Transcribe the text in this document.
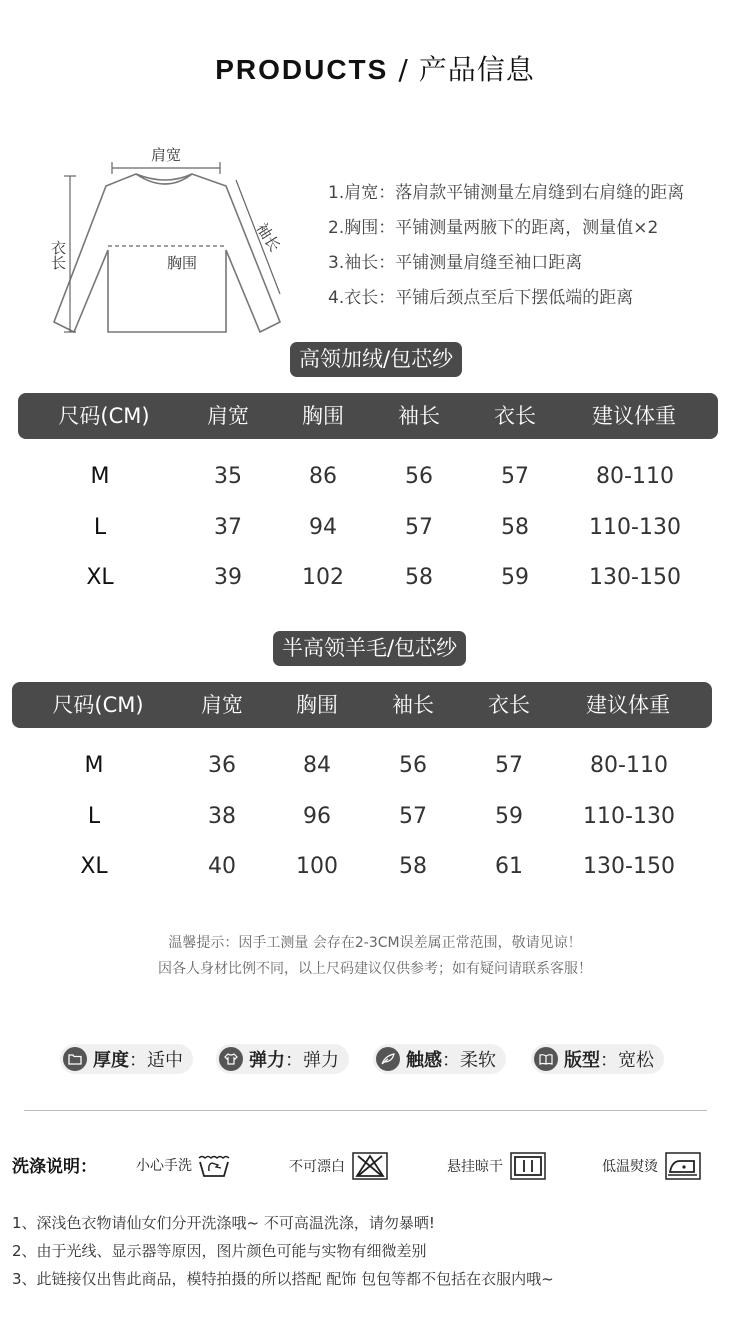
PRODUCTS / 产品信息
肩宽
胸围
袖长
衣长
1.肩宽：落肩款平铺测量左肩缝到右肩缝的距离
2.胸围：平铺测量两腋下的距离，测量值×2
3.袖长：平铺测量肩缝至袖口距离
4.衣长：平铺后颈点至后下摆低端的距离
高领加绒/包芯纱
尺码(CM)	肩宽	胸围	袖长	衣长	建议体重
M	35	86	56	57	80-110
L	37	94	57	58	110-130
XL	39	102	58	59	130-150
半高领羊毛/包芯纱
尺码(CM)	肩宽	胸围	袖长	衣长	建议体重
M	36	84	56	57	80-110
L	38	96	57	59	110-130
XL	40	100	58	61	130-150
温馨提示：因手工测量 会存在2-3CM误差属正常范围，敬请见谅！
因各人身材比例不同，以上尺码建议仅供参考；如有疑问请联系客服！
厚度 ： 适中	弹力 ： 弹力	触感 ： 柔软	版型 ： 宽松
洗涤说明：	小心手洗	不可漂白	悬挂晾干	低温熨烫
1、深浅色衣物请仙女们分开洗涤哦~ 不可高温洗涤，请勿暴晒!
2、由于光线、显示器等原因，图片颜色可能与实物有细微差别
3、此链接仅出售此商品，模特拍摄的所以搭配 配饰 包包等都不包括在衣服内哦~
